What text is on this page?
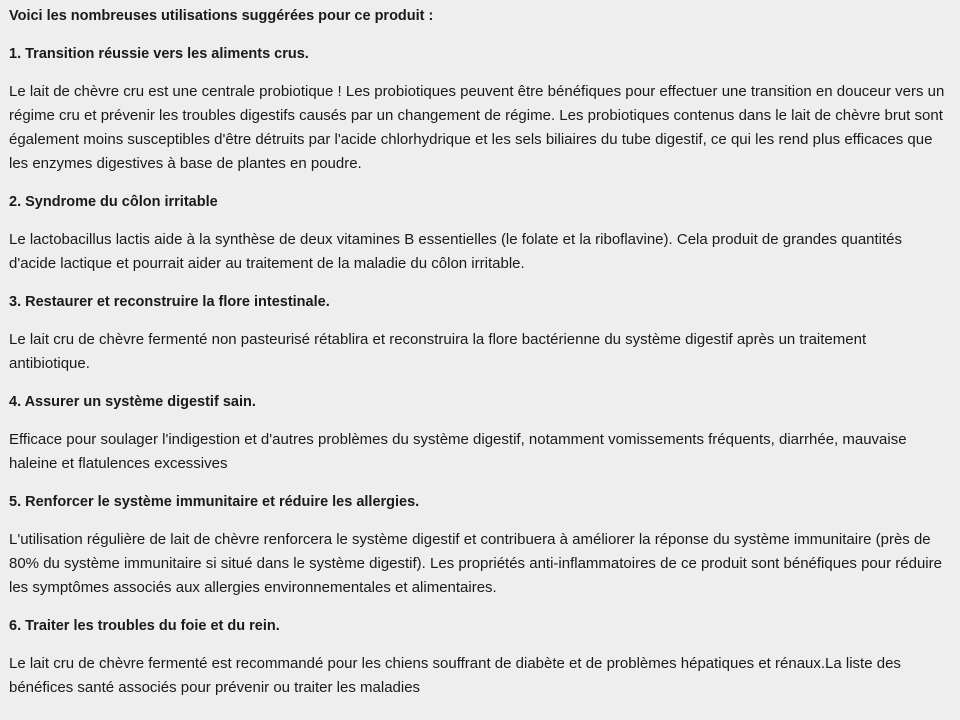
Voici les nombreuses utilisations suggérées pour ce produit :

1. Transition réussie vers les aliments crus.

Le lait de chèvre cru est une centrale probiotique ! Les probiotiques peuvent être bénéfiques pour effectuer une transition en douceur vers un régime cru et prévenir les troubles digestifs causés par un changement de régime. Les probiotiques contenus dans le lait de chèvre brut sont également moins susceptibles d'être détruits par l'acide chlorhydrique et les sels biliaires du tube digestif, ce qui les rend plus efficaces que les enzymes digestives à base de plantes en poudre.

2. Syndrome du côlon irritable

Le lactobacillus lactis aide à la synthèse de deux vitamines B essentielles (le folate et la riboflavine). Cela produit de grandes quantités d'acide lactique et pourrait aider au traitement de la maladie du côlon irritable.

3. Restaurer et reconstruire la flore intestinale.

Le lait cru de chèvre fermenté non pasteurisé rétablira et reconstruira la flore bactérienne du système digestif après un traitement antibiotique.

4. Assurer un système digestif sain.

Efficace pour soulager l'indigestion et d'autres problèmes du système digestif, notamment vomissements fréquents, diarrhée, mauvaise haleine et flatulences excessives

5. Renforcer le système immunitaire et réduire les allergies.

L'utilisation régulière de lait de chèvre renforcera le système digestif et contribuera à améliorer la réponse du système immunitaire (près de 80% du système immunitaire si situé dans le système digestif). Les propriétés anti-inflammatoires de ce produit sont bénéfiques pour réduire les symptômes associés aux allergies environnementales et alimentaires.

6. Traiter les troubles du foie et du rein.

Le lait cru de chèvre fermenté est recommandé pour les chiens souffrant de diabète et de problèmes hépatiques et rénaux.La liste des bénéfices santé associés pour prévenir ou traiter les maladies
